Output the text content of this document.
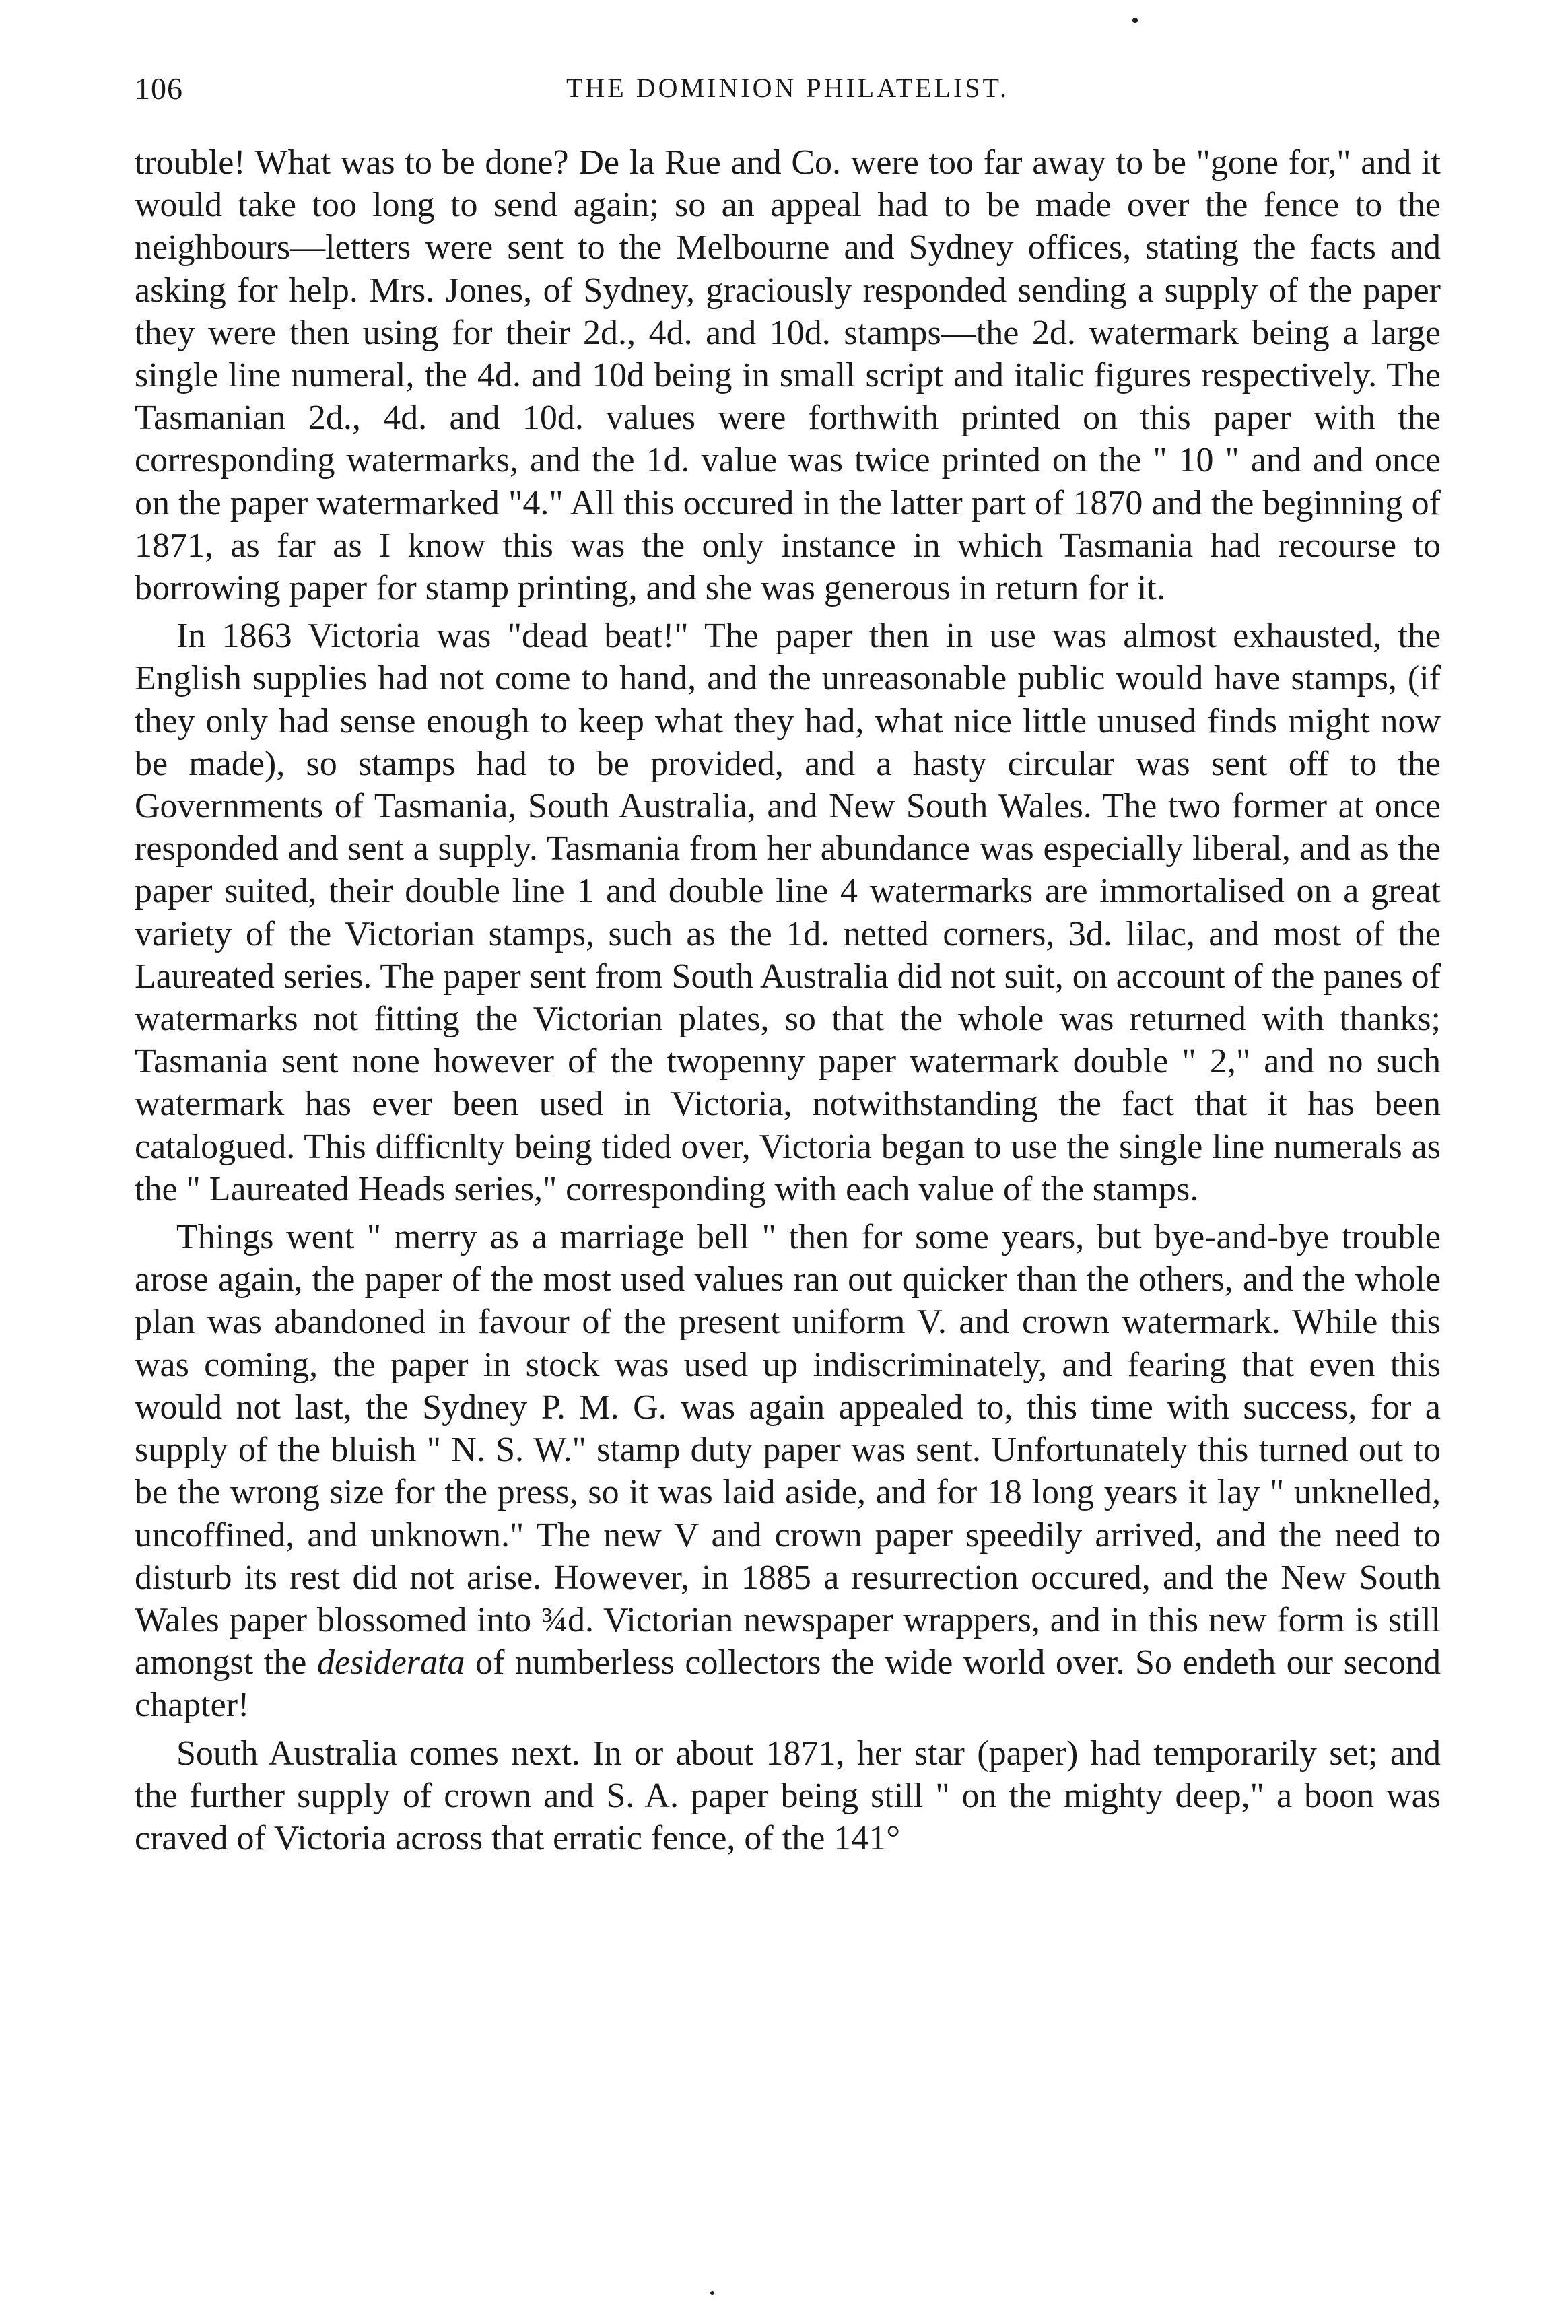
106	THE DOMINION PHILATELIST.

trouble! What was to be done? De la Rue and Co. were too far away to be "gone for," and it would take too long to send again; so an appeal had to be made over the fence to the neighbours—letters were sent to the Melbourne and Sydney offices, stating the facts and asking for help. Mrs. Jones, of Sydney, graciously responded sending a supply of the paper they were then using for their 2d., 4d. and 10d. stamps—the 2d. watermark being a large single line numeral, the 4d. and 10d being in small script and italic figures respectively. The Tasmanian 2d., 4d. and 10d. values were forthwith printed on this paper with the corresponding watermarks, and the 1d. value was twice printed on the " 10 " and and once on the paper watermarked "4." All this occured in the latter part of 1870 and the beginning of 1871, as far as I know this was the only instance in which Tasmania had recourse to borrowing paper for stamp printing, and she was generous in return for it.

In 1863 Victoria was "dead beat!" The paper then in use was almost exhausted, the English supplies had not come to hand, and the unreasonable public would have stamps, (if they only had sense enough to keep what they had, what nice little unused finds might now be made), so stamps had to be provided, and a hasty circular was sent off to the Governments of Tasmania, South Australia, and New South Wales. The two former at once responded and sent a supply. Tasmania from her abundance was especially liberal, and as the paper suited, their double line 1 and double line 4 watermarks are immortalised on a great variety of the Victorian stamps, such as the 1d. netted corners, 3d. lilac, and most of the Laureated series. The paper sent from South Australia did not suit, on account of the panes of watermarks not fitting the Victorian plates, so that the whole was returned with thanks; Tasmania sent none however of the twopenny paper watermark double " 2," and no such watermark has ever been used in Victoria, notwithstanding the fact that it has been catalogued. This difficnlty being tided over, Victoria began to use the single line numerals as the " Laureated Heads series," corresponding with each value of the stamps.

Things went " merry as a marriage bell " then for some years, but bye-and-bye trouble arose again, the paper of the most used values ran out quicker than the others, and the whole plan was abandoned in favour of the present uniform V. and crown watermark. While this was coming, the paper in stock was used up indiscriminately, and fearing that even this would not last, the Sydney P. M. G. was again appealed to, this time with success, for a supply of the bluish " N. S. W." stamp duty paper was sent. Unfortunately this turned out to be the wrong size for the press, so it was laid aside, and for 18 long years it lay " unknelled, uncoffined, and unknown." The new V and crown paper speedily arrived, and the need to disturb its rest did not arise. However, in 1885 a resurrection occured, and the New South Wales paper blossomed into ¾d. Victorian newspaper wrappers, and in this new form is still amongst the desiderata of numberless collectors the wide world over. So endeth our second chapter!

South Australia comes next. In or about 1871, her star (paper) had temporarily set; and the further supply of crown and S. A. paper being still " on the mighty deep," a boon was craved of Victoria across that erratic fence, of the 141°
